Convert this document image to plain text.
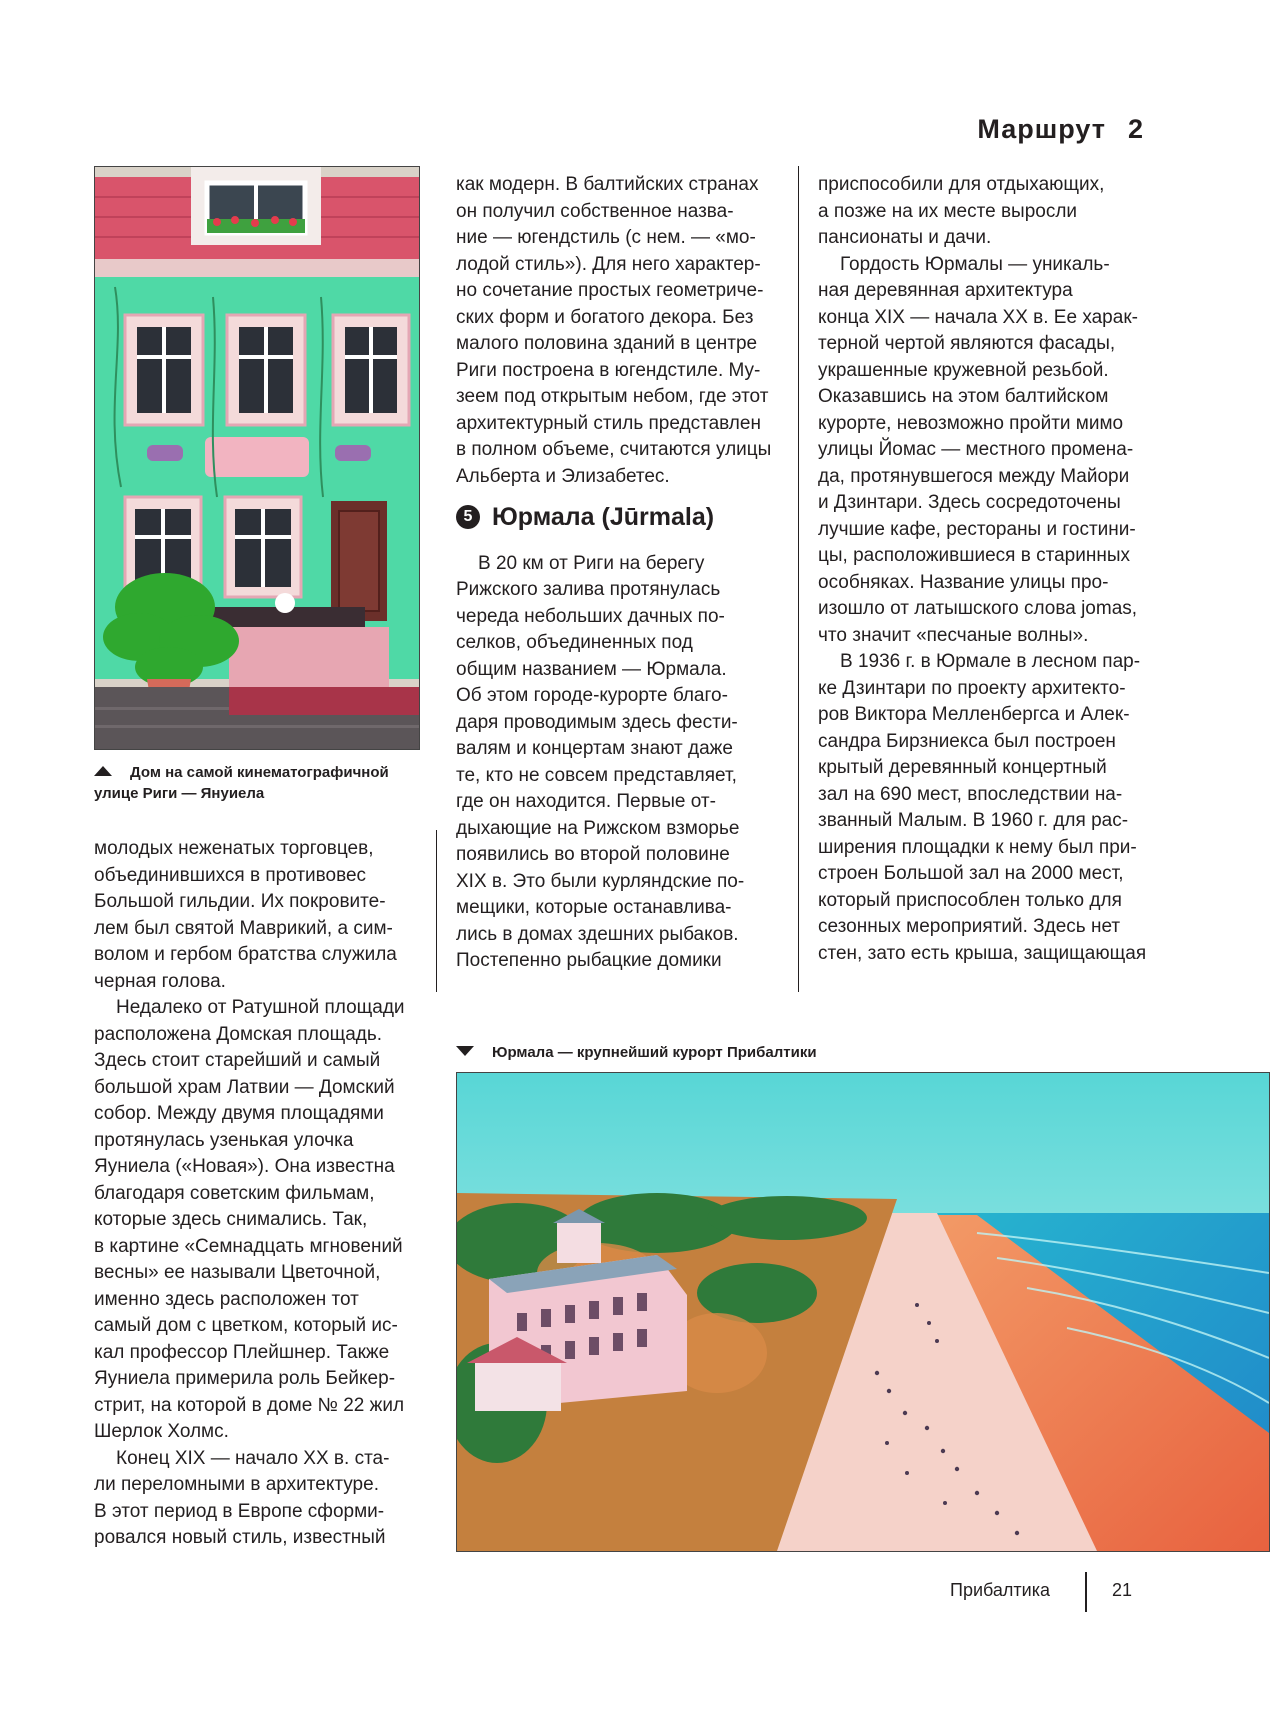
Маршрут 2

Дом на самой кинематографичной
улице Риги — Януиела

молодых неженатых торговцев,
объединившихся в противовес
Большой гильдии. Их покровите-
лем был святой Маврикий, а сим-
волом и гербом братства служила
черная голова.

Недалеко от Ратушной площади
расположена Домская площадь.
Здесь стоит старейший и самый
большой храм Латвии — Домский
собор. Между двумя площадями
протянулась узенькая улочка
Яуниела («Новая»). Она известна
благодаря советским фильмам,
которые здесь снимались. Так,
в картине «Семнадцать мгновений
весны» ее называли Цветочной,
именно здесь расположен тот
самый дом с цветком, который ис-
кал профессор Плейшнер. Также
Яуниела примерила роль Бейкер-
стрит, на которой в доме № 22 жил
Шерлок Холмс.

Конец XIX — начало XX в. ста-
ли переломными в архитектуре.
В этот период в Европе сформи-
ровался новый стиль, известный

как модерн. В балтийских странах
он получил собственное назва-
ние — югендстиль (с нем. — «мо-
лодой стиль»). Для него характер-
но сочетание простых геометриче-
ских форм и богатого декора. Без
малого половина зданий в центре
Риги построена в югендстиле. Му-
зеем под открытым небом, где этот
архитектурный стиль представлен
в полном объеме, считаются улицы
Альберта и Элизабетес.

5 Юрмала (Jūrmala)

В 20 км от Риги на берегу
Рижского залива протянулась
череда небольших дачных по-
селков, объединенных под
общим названием — Юрмала.
Об этом городе-курорте благо-
даря проводимым здесь фести-
валям и концертам знают даже
те, кто не совсем представляет,
где он находится. Первые от-
дыхающие на Рижском взморье
появились во второй половине
XIX в. Это были курляндские по-
мещики, которые останавлива-
лись в домах здешних рыбаков.
Постепенно рыбацкие домики

приспособили для отдыхающих,
а позже на их месте выросли
пансионаты и дачи.

Гордость Юрмалы — уникаль-
ная деревянная архитектура
конца XIX — начала XX в. Ее харак-
терной чертой являются фасады,
украшенные кружевной резьбой.
Оказавшись на этом балтийском
курорте, невозможно пройти мимо
улицы Йомас — местного промена-
да, протянувшегося между Майори
и Дзинтари. Здесь сосредоточены
лучшие кафе, рестораны и гостини-
цы, расположившиеся в старинных
особняках. Название улицы про-
изошло от латышского слова jomas,
что значит «песчаные волны».

В 1936 г. в Юрмале в лесном пар-
ке Дзинтари по проекту архитекто-
ров Виктора Мелленбергса и Алек-
сандра Бирзниекса был построен
крытый деревянный концертный
зал на 690 мест, впоследствии на-
званный Малым. В 1960 г. для рас-
ширения площадки к нему был при-
строен Большой зал на 2000 мест,
который приспособлен только для
сезонных мероприятий. Здесь нет
стен, зато есть крыша, защищающая

Юрмала — крупнейший курорт Прибалтики
Прибалтика	21
